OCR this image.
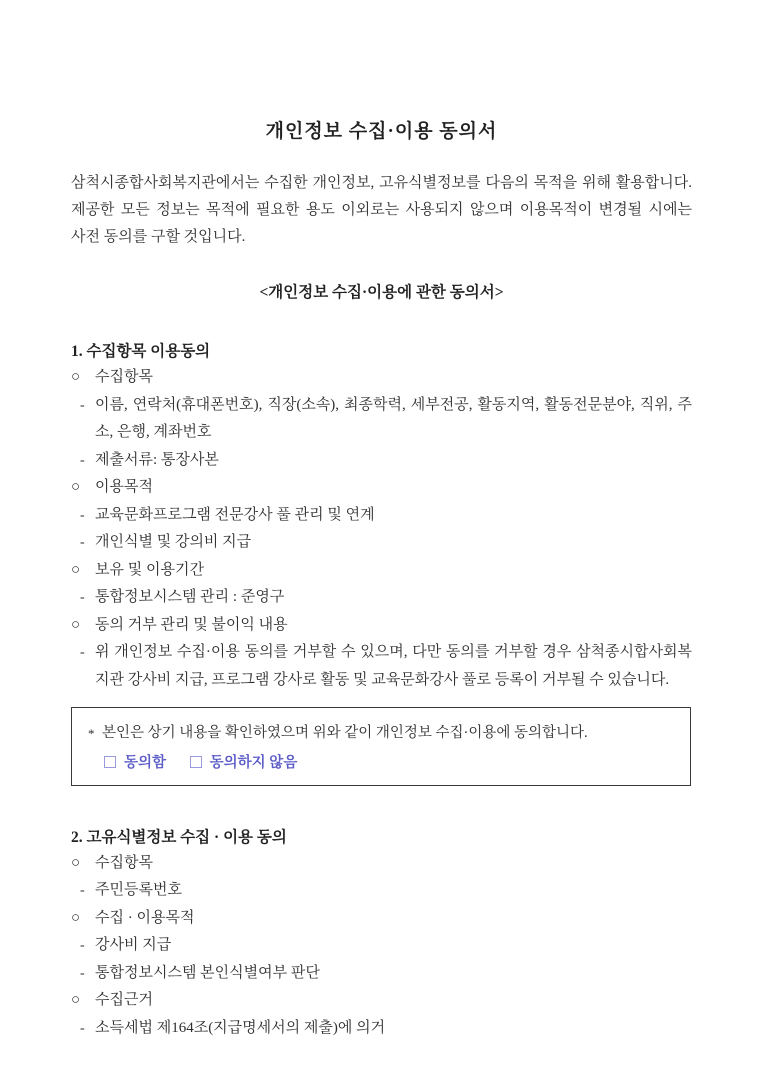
개인정보 수집·이용 동의서

삼척시종합사회복지관에서는 수집한 개인정보, 고유식별정보를 다음의 목적을 위해 활용합니다. 제공한 모든 정보는 목적에 필요한 용도 이외로는 사용되지 않으며 이용목적이 변경될 시에는 사전 동의를 구할 것입니다.

<개인정보 수집·이용에 관한 동의서>
1. 수집항목 이용동의
○ 수집항목
- 이름, 연락처(휴대폰번호), 직장(소속), 최종학력, 세부전공, 활동지역, 활동전문분야, 직위, 주소, 은행, 계좌번호
- 제출서류: 통장사본
○ 이용목적
- 교육문화프로그램 전문강사 풀 관리 및 연계
- 개인식별 및 강의비 지급
○ 보유 및 이용기간
- 통합정보시스템 관리 : 준영구
○ 동의 거부 관리 및 불이익 내용
- 위 개인정보 수집·이용 동의를 거부할 수 있으며, 다만 동의를 거부할 경우 삼척종시합사회복지관 강사비 지급, 프로그램 강사로 활동 및 교육문화강사 풀로 등록이 거부될 수 있습니다.
* 본인은 상기 내용을 확인하였으며 위와 같이 개인정보 수집·이용에 동의합니다.
동의함
	동의하지 않음
2. 고유식별정보 수집 · 이용 동의
○ 수집항목
- 주민등록번호
○ 수집 · 이용목적
- 강사비 지급
- 통합정보시스템 본인식별여부 판단
○ 수집근거
- 소득세법 제164조(지급명세서의 제출)에 의거
